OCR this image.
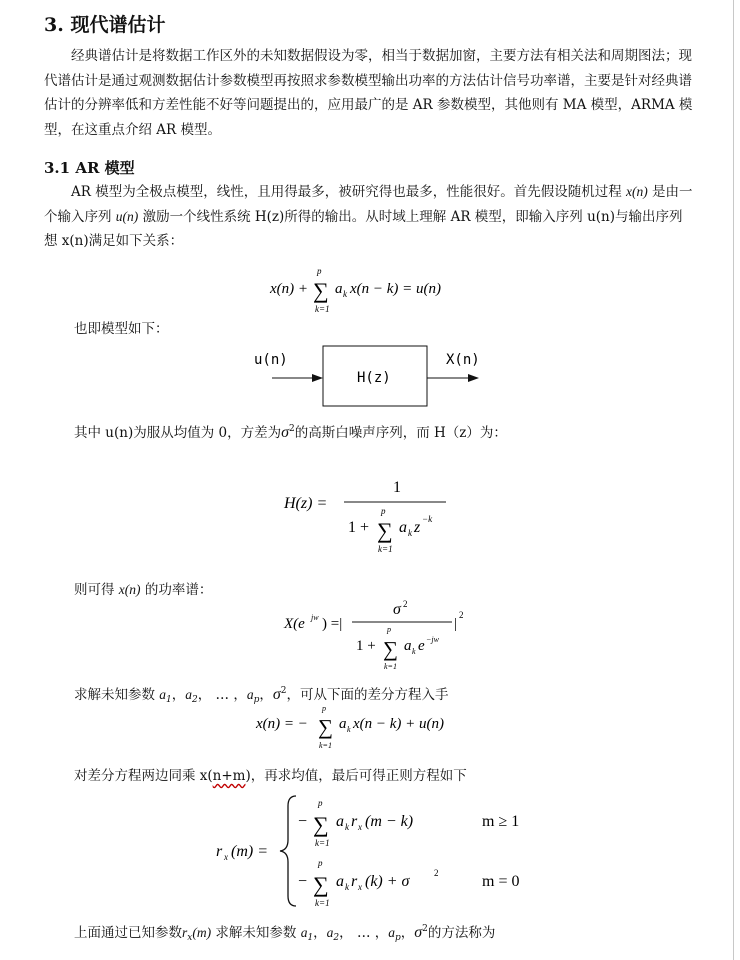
3. 现代谱估计
经典谱估计是将数据工作区外的未知数据假设为零，相当于数据加窗，主要方法有相关法和周期图法；现代谱估计是通过观测数据估计参数模型再按照求参数模型输出功率的方法估计信号功率谱，主要是针对经典谱估计的分辨率低和方差性能不好等问题提出的，应用最广的是 AR 参数模型，其他则有 MA 模型，ARMA 模型，在这重点介绍 AR 模型。
3.1 AR 模型
AR 模型为全极点模型，线性，且用得最多，被研究得也最多，性能很好。首先假设随机过程 x(n) 是由一个输入序列 u(n) 激励一个线性系统 H(z)所得的输出。从时域上理解 AR 模型，即输入序列 u(n)与输出序列想 x(n)满足如下关系：
x(n) +
p
∑
k=1
a k x(n − k) = u(n)
也即模型如下：
u(n)
H(z)
X(n)
其中 u(n)为服从均值为 0，方差为$\sigma^2$的高斯白噪声序列，而 H（z）为：
H(z) =
1
1 +
p
∑
k=1
a k z −k
则可得 x(n) 的功率谱：
X(e jw ) =|
σ 2
1 +
p
∑
k=1
a k e −jw
|
2
求解未知参数 $a_1$，$a_2$， … ，$a_p$，$\sigma^2$，可从下面的差分方程入手
x(n) = −
p
∑
k=1
a k x(n − k) + u(n)
对差分方程两边同乘 x(n+m)，再求均值，最后可得正则方程如下
r x (m) =
−
p
∑
k=1
a k r x (m − k)	m ≥ 1
−
p
∑
k=1
a k r x (k) + σ	2	m = 0
上面通过已知参数$r_x(m)$ 求解未知参数 $a_1$，$a_2$， … ，$a_p$，$\sigma^2$的方法称为
